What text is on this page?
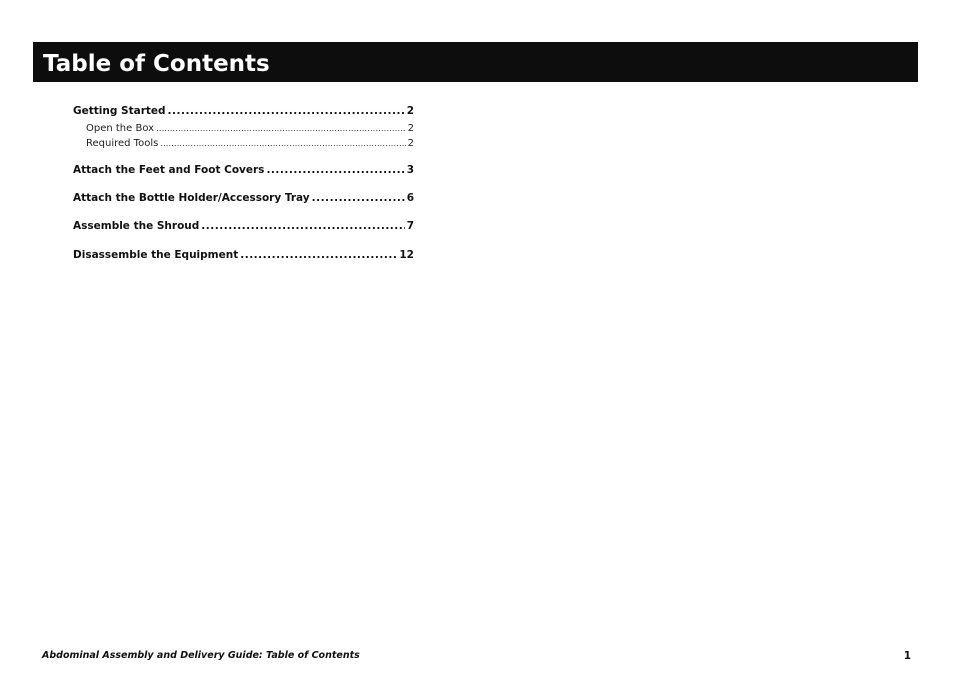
Table of Contents
Getting Started .....	2
Open the Box .....	2
Required Tools .....	2
Attach the Feet and Foot Covers .....	3
Attach the Bottle Holder/Accessory Tray .....	6
Assemble the Shroud .....	7
Disassemble the Equipment .....	12
Abdominal Assembly and Delivery Guide: Table of Contents	1
